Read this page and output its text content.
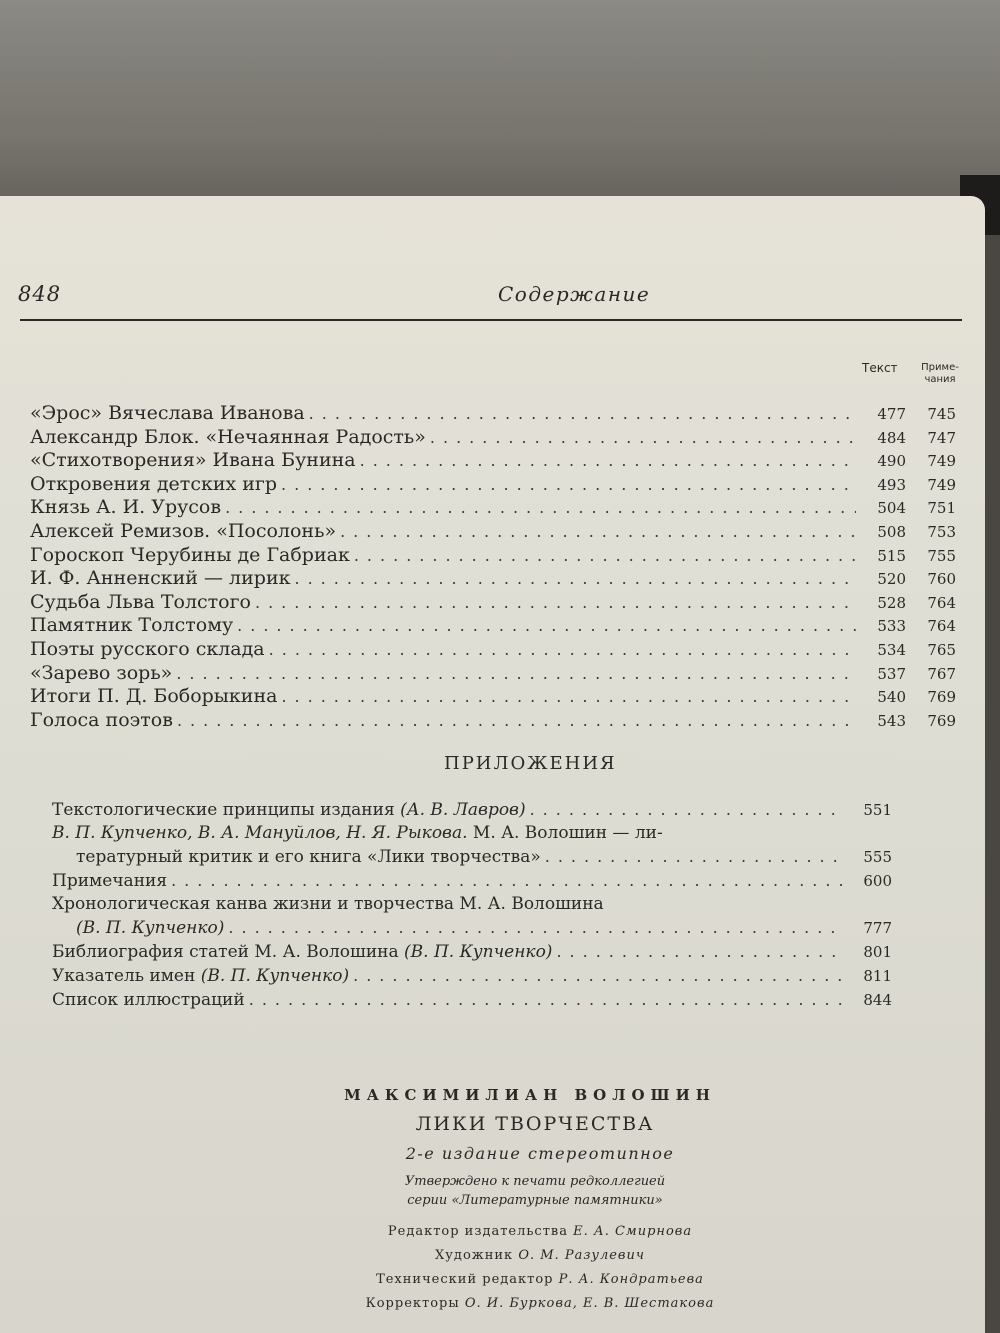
848	Содержание
Текст	Приме-
чания
«Эрос» Вячеслава Иванова .....	477	745
Александр Блок. «Нечаянная Радость» .....	484	747
«Стихотворения» Ивана Бунина .....	490	749
Откровения детских игр .....	493	749
Князь А. И. Урусов .....	504	751
Алексей Ремизов. «Посолонь» .....	508	753
Гороскоп Черубины де Габриак .....	515	755
И. Ф. Анненский — лирик .....	520	760
Судьба Льва Толстого .....	528	764
Памятник Толстому .....	533	764
Поэты русского склада .....	534	765
«Зарево зорь» .....	537	767
Итоги П. Д. Боборыкина .....	540	769
Голоса поэтов .....	543	769
ПРИЛОЖЕНИЯ
Текстологические принципы издания (А. В. Лавров) .....	551
В. П. Купченко, В. А. Мануйлов, Н. Я. Рыкова. М. А. Волошин — ли-
тературный критик и его книга «Лики творчества» .....	555
Примечания .....	600
Хронологическая канва жизни и творчества М. А. Волошина
(В. П. Купченко) .....	777
Библиография статей М. А. Волошина (В. П. Купченко) .....	801
Указатель имен (В. П. Купченко) .....	811
Список иллюстраций .....	844
МАКСИМИЛИАН ВОЛОШИН
ЛИКИ ТВОРЧЕСТВА
2-е издание стереотипное
Утверждено к печати редколлегией
серии «Литературные памятники»
Редактор издательства Е. А. Смирнова
Художник О. М. Разулевич
Технический редактор Р. А. Кондратьева
Корректоры О. И. Буркова, Е. В. Шестакова
